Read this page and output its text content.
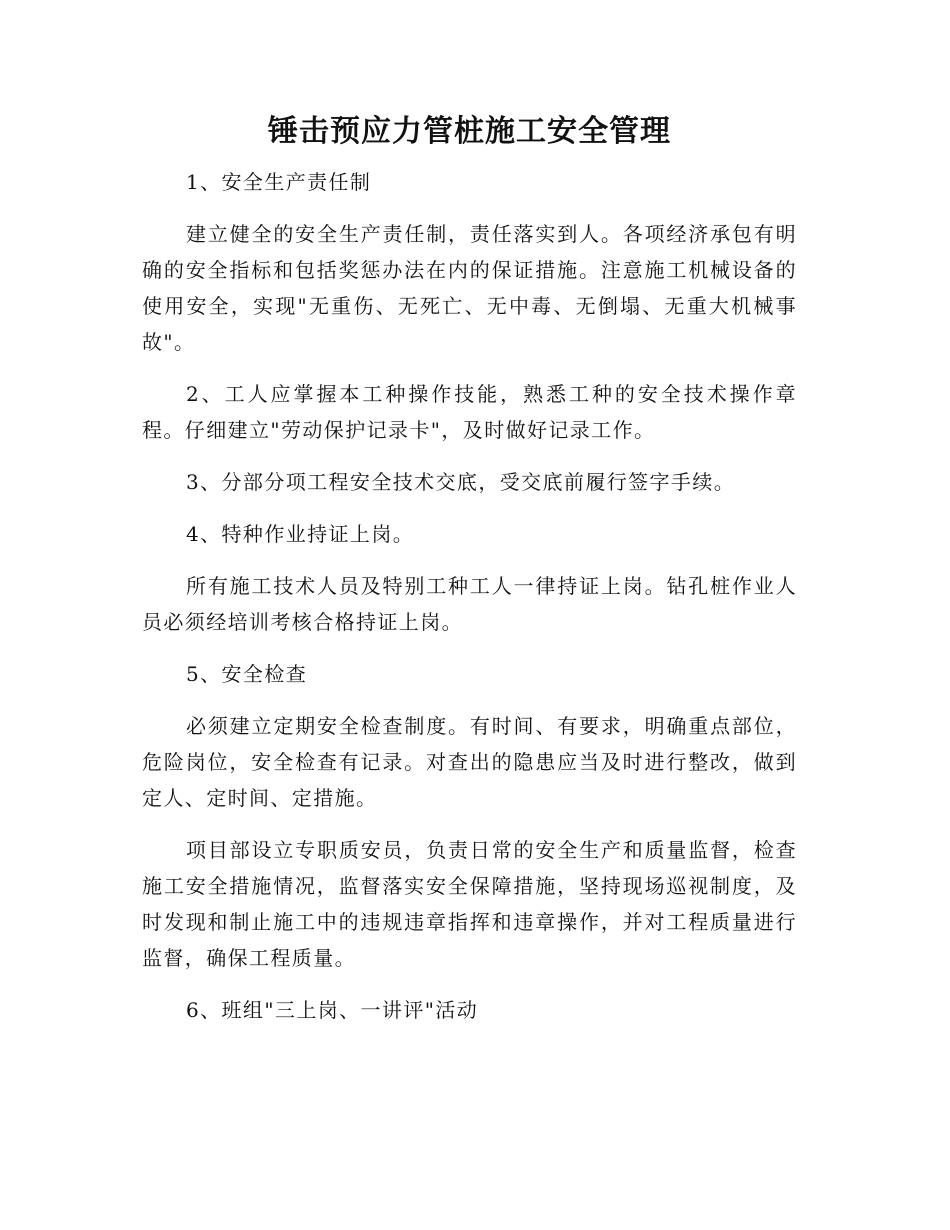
锤击预应力管桩施工安全管理

1、安全生产责任制

建立健全的安全生产责任制，责任落实到人。各项经济承包有明确的安全指标和包括奖惩办法在内的保证措施。注意施工机械设备的使用安全，实现"无重伤、无死亡、无中毒、无倒塌、无重大机械事故"。

2、工人应掌握本工种操作技能，熟悉工种的安全技术操作章程。仔细建立"劳动保护记录卡"，及时做好记录工作。

3、分部分项工程安全技术交底，受交底前履行签字手续。

4、特种作业持证上岗。

所有施工技术人员及特别工种工人一律持证上岗。钻孔桩作业人员必须经培训考核合格持证上岗。

5、安全检查

必须建立定期安全检查制度。有时间、有要求，明确重点部位，危险岗位，安全检查有记录。对查出的隐患应当及时进行整改，做到定人、定时间、定措施。

项目部设立专职质安员，负责日常的安全生产和质量监督，检查施工安全措施情况，监督落实安全保障措施，坚持现场巡视制度，及时发现和制止施工中的违规违章指挥和违章操作，并对工程质量进行监督，确保工程质量。

6、班组"三上岗、一讲评"活动
